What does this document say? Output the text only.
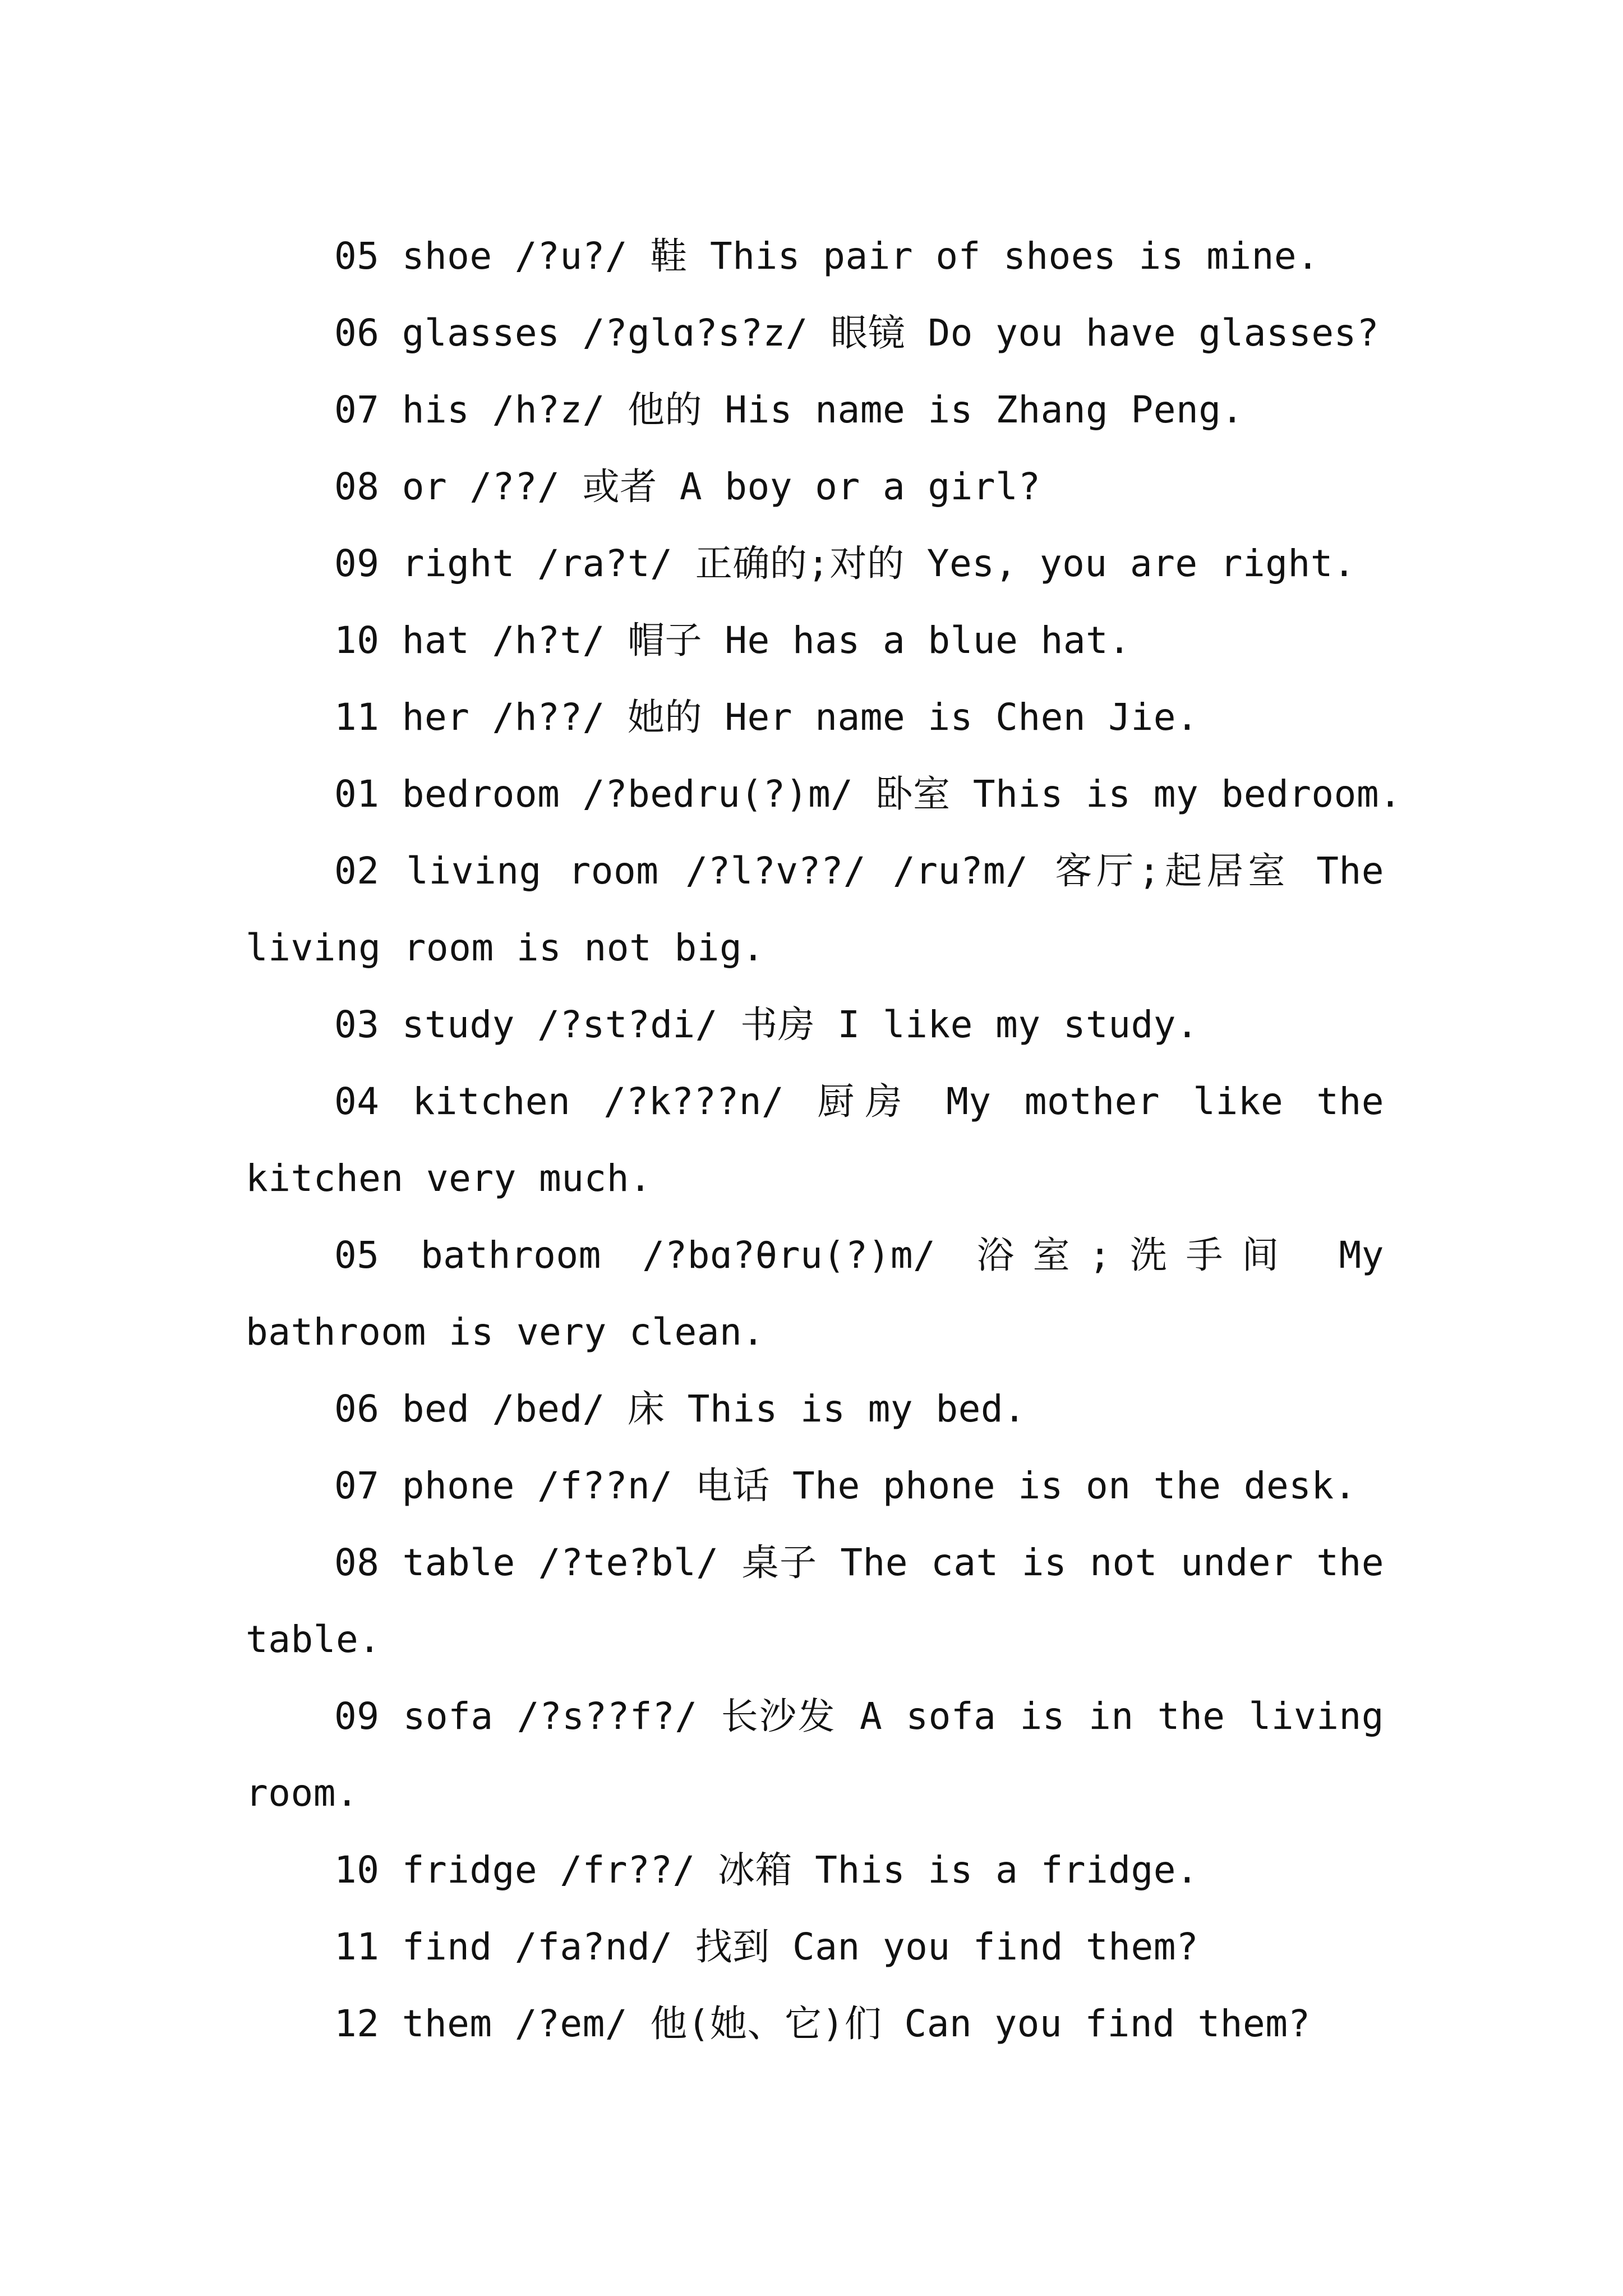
05 shoe /?u?/ 鞋 This pair of shoes is mine.
06 glasses /?glɑ?s?z/ 眼镜 Do you have glasses?
07 his /h?z/ 他的 His name is Zhang Peng.
08 or /??/ 或者 A boy or a girl?
09 right /ra?t/ 正确的;对的 Yes, you are right.
10 hat /h?t/ 帽子 He has a blue hat.
11 her /h??/ 她的 Her name is Chen Jie.
01 bedroom /?bedru(?)m/ 卧室 This is my bedroom.
02 living room /?l?v??/ /ru?m/ 客厅;起居室 The
living room is not big.
03 study /?st?di/ 书房 I like my study.
04 kitchen /?k???n/ 厨房 My mother like the
kitchen very much.
05 bathroom /?bɑ?θru(?)m/ 浴室;洗手间 My
bathroom is very clean.
06 bed /bed/ 床 This is my bed.
07 phone /f??n/ 电话 The phone is on the desk.
08 table /?te?bl/ 桌子 The cat is not under the
table.
09 sofa /?s??f?/ 长沙发 A sofa is in the living
room.
10 fridge /fr??/ 冰箱 This is a fridge.
11 find /fa?nd/ 找到 Can you find them?
12 them /?em/ 他(她、它)们 Can you find them?
